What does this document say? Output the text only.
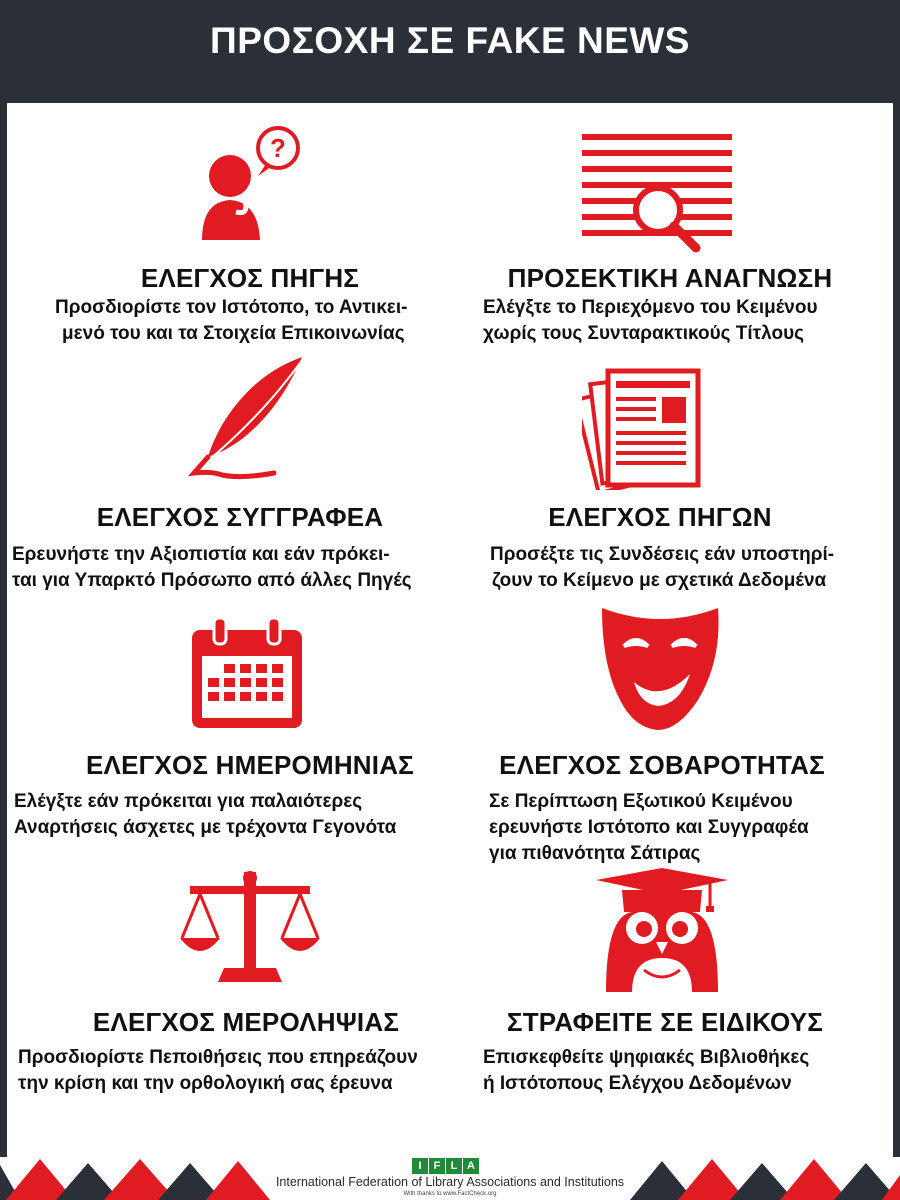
ΠΡΟΣΟΧΗ ΣΕ FAKE NEWS
?
ΕΛΕΓΧΟΣ ΠΗΓΗΣ
Προσδιορίστε τον Ιστότοπο, το Αντικει-
μενό του και τα Στοιχεία Επικοινωνίας
ΠΡΟΣΕΚΤΙΚΗ ΑΝΑΓΝΩΣΗ
Ελέγξτε το Περιεχόμενο του Κειμένου
χωρίς τους Συνταρακτικούς Τίτλους
ΕΛΕΓΧΟΣ ΣΥΓΓΡΑΦΕΑ
Ερευνήστε την Αξιοπιστία και εάν πρόκει-
ται για Υπαρκτό Πρόσωπο από άλλες Πηγές
ΕΛΕΓΧΟΣ ΠΗΓΩΝ
Προσέξτε τις Συνδέσεις εάν υποστηρί-
ζουν το Κείμενο με σχετικά Δεδομένα
ΕΛΕΓΧΟΣ ΗΜΕΡΟΜΗΝΙΑΣ
Ελέγξτε εάν πρόκειται για παλαιότερες
Αναρτήσεις άσχετες με τρέχοντα Γεγονότα
ΕΛΕΓΧΟΣ ΣΟΒΑΡΟΤΗΤΑΣ
Σε Περίπτωση Εξωτικού Κειμένου
ερευνήστε Ιστότοπο και Συγγραφέα
για πιθανότητα Σάτιρας
ΕΛΕΓΧΟΣ ΜΕΡΟΛΗΨΙΑΣ
Προσδιορίστε Πεποιθήσεις που επηρεάζουν
την κρίση και την ορθολογική σας έρευνα
ΣΤΡΑΦΕΙΤΕ ΣΕ ΕΙΔΙΚΟΥΣ
Επισκεφθείτε ψηφιακές Βιβλιοθήκες
ή Ιστότοπους Ελέγχου Δεδομένων
I	F L A
International Federation of Library Associations and Institutions
With thanks to www.FactCheck.org
